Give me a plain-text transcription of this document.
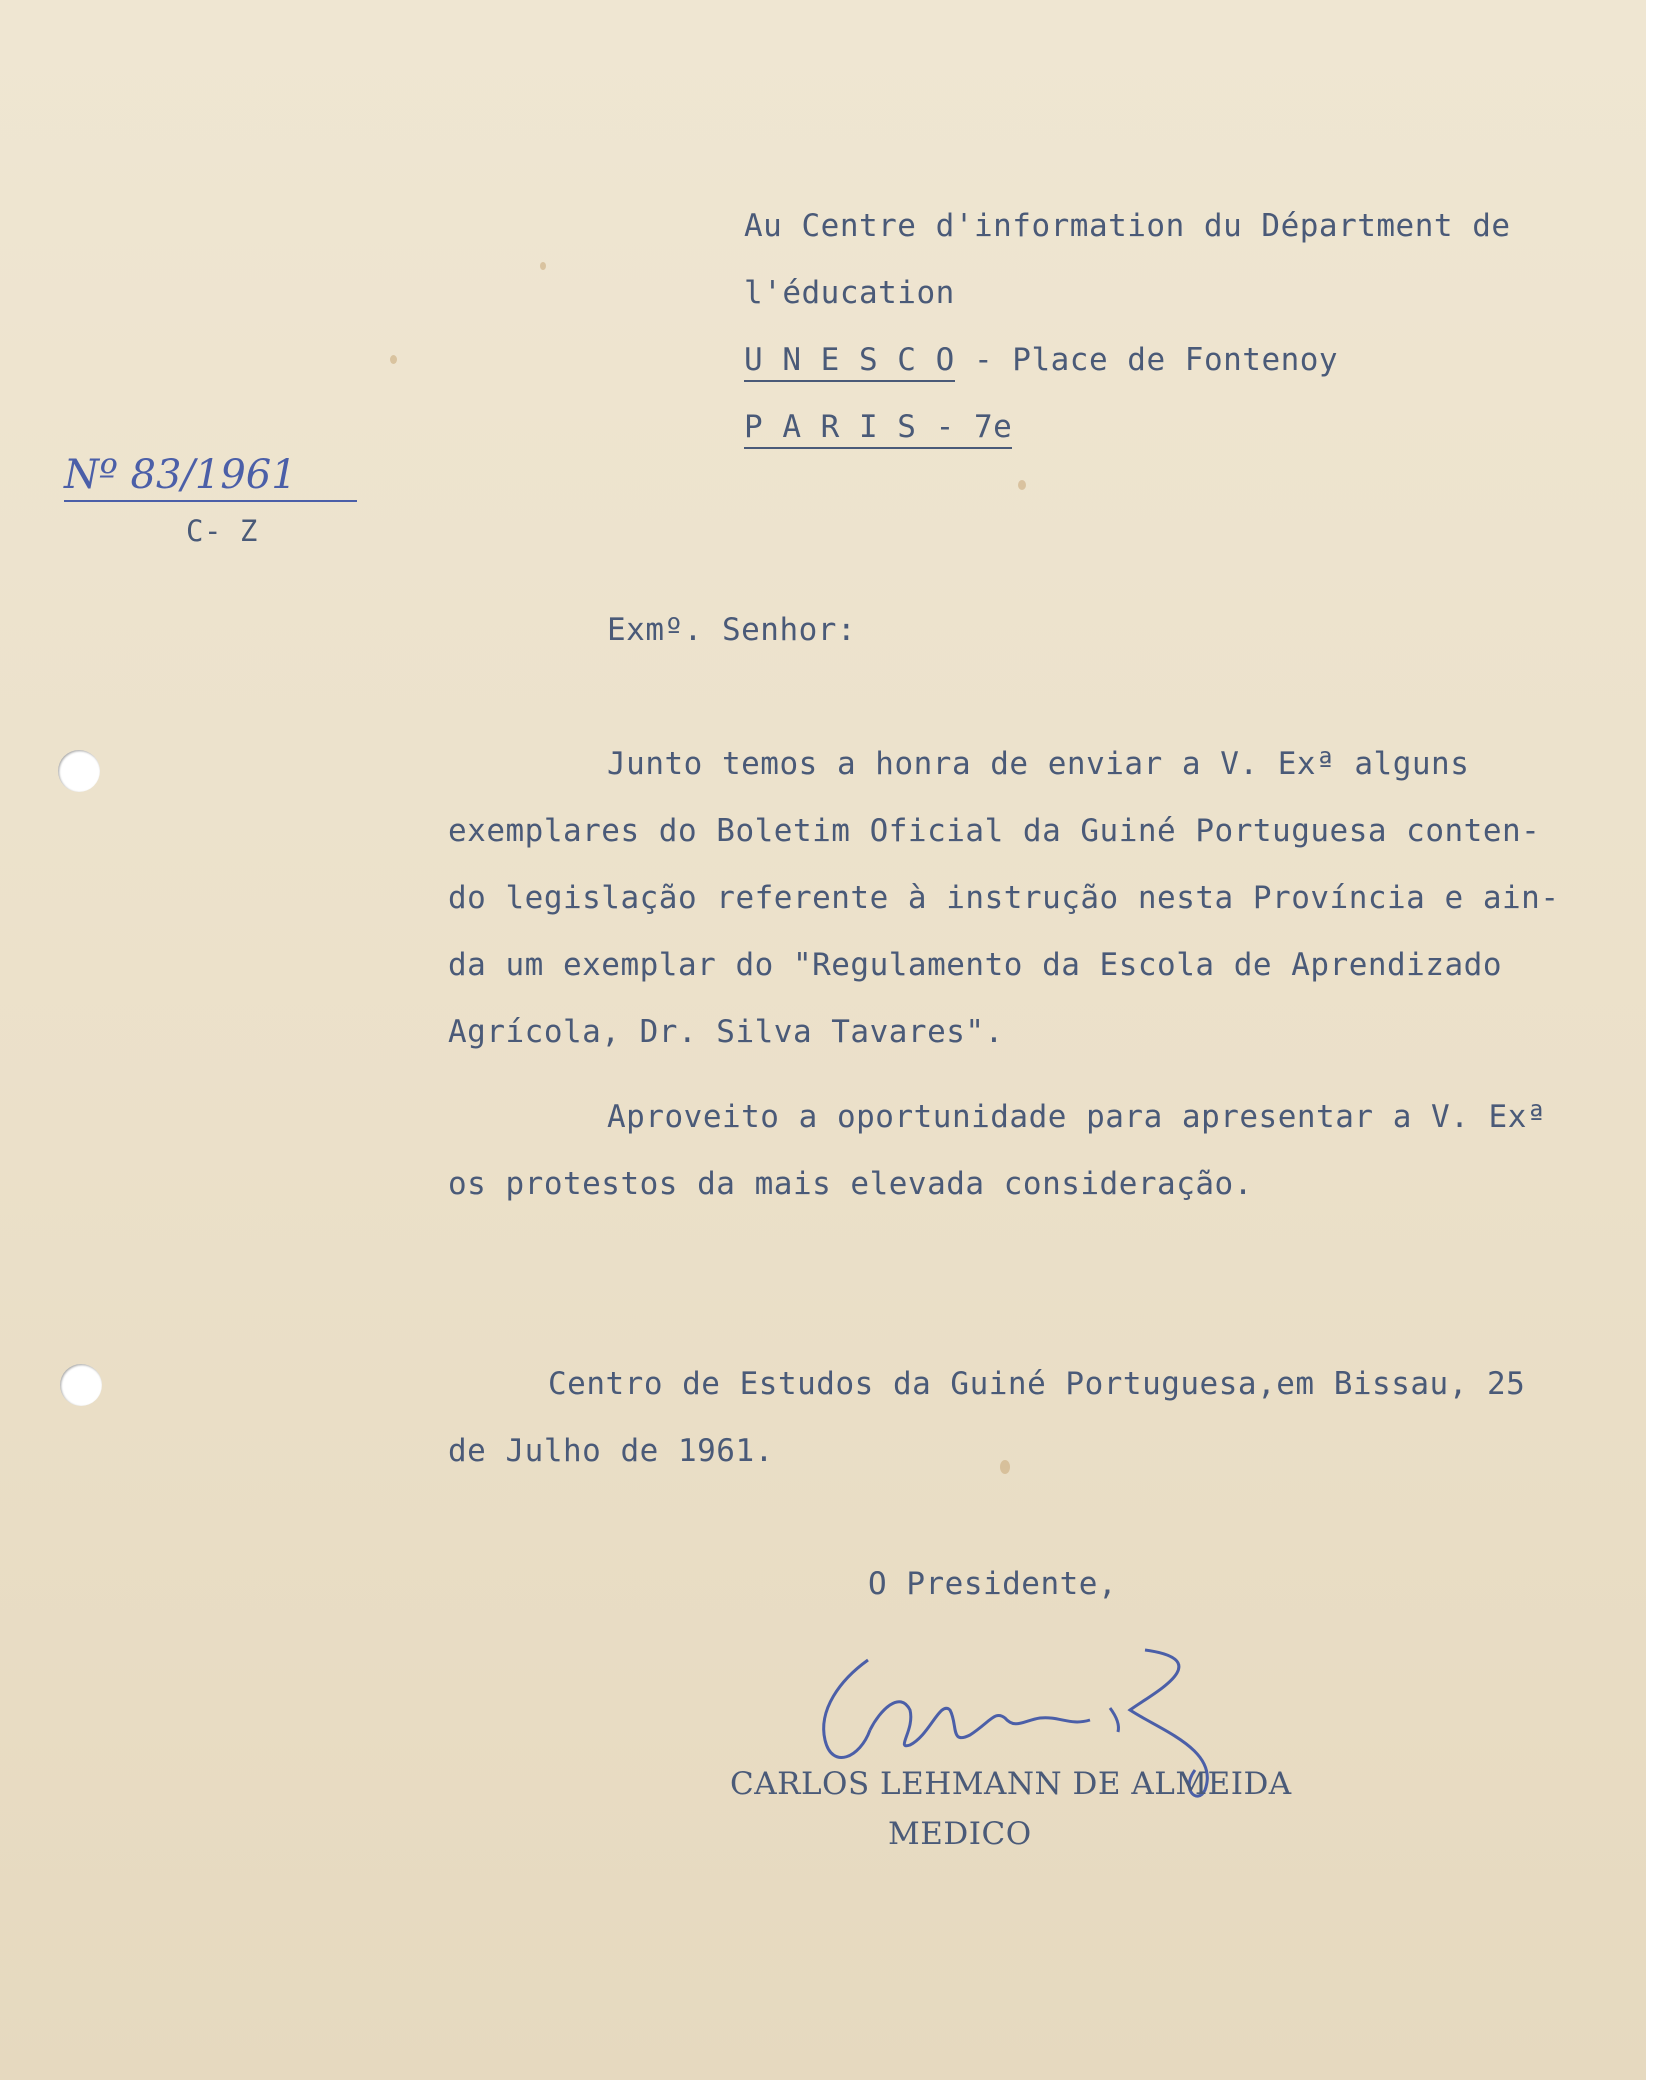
Au Centre d'information du Départment de
l'éducation
U N E S C O - Place de Fontenoy
P A R I S - 7e
Nº 83/1961
C- Z
Exmº. Senhor:
Junto temos a honra de enviar a V. Exª alguns
exemplares do Boletim Oficial da Guiné Portuguesa conten-
do legislação referente à instrução nesta Província e ain-
da um exemplar do "Regulamento da Escola de Aprendizado
Agrícola, Dr. Silva Tavares".
Aproveito a oportunidade para apresentar a V. Exª
os protestos da mais elevada consideração.
Centro de Estudos da Guiné Portuguesa,em Bissau, 25
de Julho de 1961.
O Presidente,
CARLOS LEHMANN DE ALMEIDA
MEDICO
